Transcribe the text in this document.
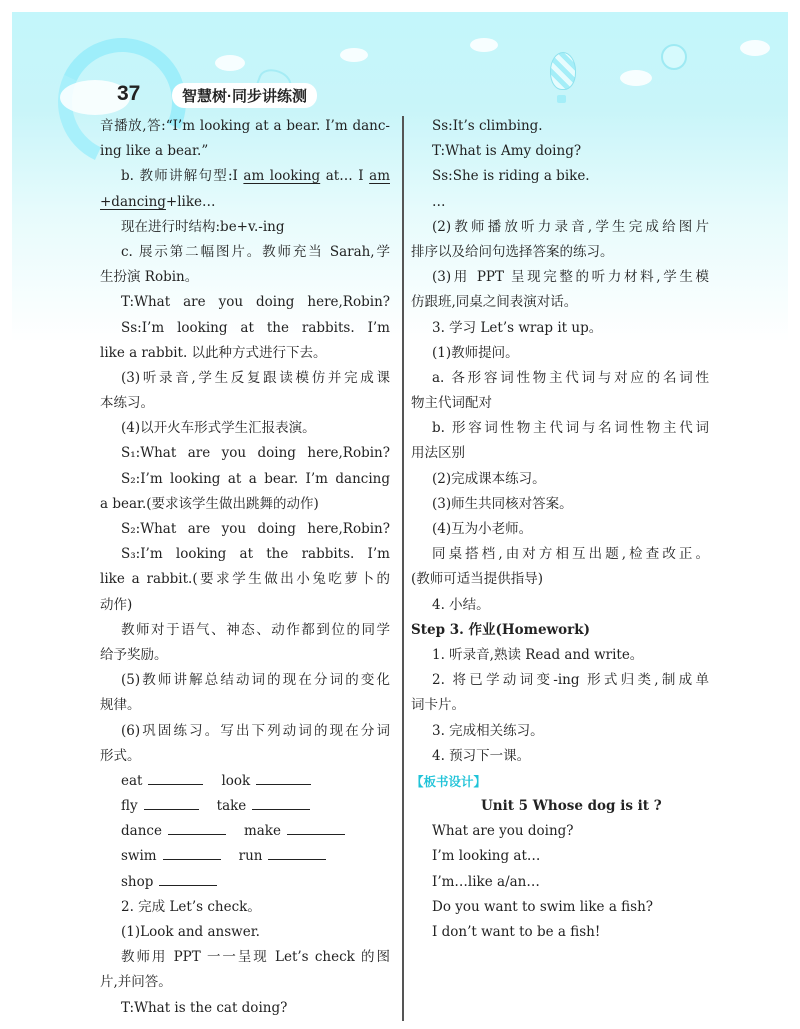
37	智慧树·同步讲练测
音播放,答:“I’m looking at a bear. I’m danc-
ing like a bear.”
b. 教师讲解句型:I am looking at… I am
+dancing+like…
现在进行时结构:be+v.-ing
c. 展示第二幅图片。教师充当 Sarah,学
生扮演 Robin。
T:What are you doing here,Robin?
Ss:I’m looking at the rabbits. I’m
like a rabbit. 以此种方式进行下去。
(3)听录音,学生反复跟读模仿并完成课
本练习。
(4)以开火车形式学生汇报表演。
S₁:What are you doing here,Robin?
S₂:I’m looking at a bear. I’m dancing
a bear.(要求该学生做出跳舞的动作)
S₂:What are you doing here,Robin?
S₃:I’m looking at the rabbits. I’m
like a rabbit.(要求学生做出小兔吃萝卜的
动作)
教师对于语气、神态、动作都到位的同学
给予奖励。
(5)教师讲解总结动词的现在分词的变化
规律。
(6)巩固练习。写出下列动词的现在分词
形式。
eat	look
fly	take
dance	make
swim	run
shop
2. 完成 Let’s check。
(1)Look and answer.
教师用 PPT 一一呈现 Let’s check 的图
片,并问答。
T:What is the cat doing?
Ss:It’s climbing.
T:What is Amy doing?
Ss:She is riding a bike.
…
(2)教师播放听力录音,学生完成给图片
排序以及给问句选择答案的练习。
(3)用 PPT 呈现完整的听力材料,学生模
仿跟班,同桌之间表演对话。
3. 学习 Let’s wrap it up。
(1)教师提问。
a. 各形容词性物主代词与对应的名词性
物主代词配对
b. 形容词性物主代词与名词性物主代词
用法区别
(2)完成课本练习。
(3)师生共同核对答案。
(4)互为小老师。
同桌搭档,由对方相互出题,检查改正。
(教师可适当提供指导)
4. 小结。
Step 3. 作业(Homework)
1. 听录音,熟读 Read and write。
2. 将已学动词变-ing 形式归类,制成单
词卡片。
3. 完成相关练习。
4. 预习下一课。
【板书设计】
Unit 5 Whose dog is it ?
What are you doing?
I’m looking at…
I’m…like a/an…
Do you want to swim like a fish?
I don’t want to be a fish!
